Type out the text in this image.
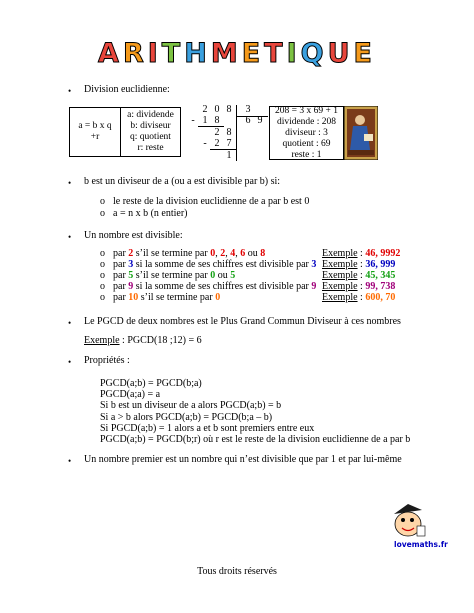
ARITHMETIQUE
• Division euclidienne:
a = b x q
+r
a: dividende
b: diviseur
q: quotient
r: reste
2 0 8 3
- 1 8	6 9
2 8
- 2 7
1
208 = 3 x 69 + 1
dividende : 208
diviseur : 3
quotient : 69
reste : 1
• b est un diviseur de a (ou a est divisible par b) si:
o le reste de la division euclidienne de a par b est 0
o a = n x b (n entier)
• Un nombre est divisible:
o par 2 s’il se termine par 0, 2, 4, 6 ou 8	Exemple : 46, 9992
o par 3 si la somme de ses chiffres est divisible par 3 Exemple : 36, 999
o par 5 s’il se termine par 0 ou 5	Exemple : 45, 345
o par 9 si la somme de ses chiffres est divisible par 9 Exemple : 99, 738
o par 10 s’il se termine par 0	Exemple : 600, 70
• Le PGCD de deux nombres est le Plus Grand Commun Diviseur à ces nombres
Exemple : PGCD(18 ;12) = 6
• Propriétés :
PGCD(a;b) = PGCD(b;a)
PGCD(a;a) = a
Si b est un diviseur de a alors PGCD(a;b) = b
Si a > b alors PGCD(a;b) = PGCD(b;a – b)
Si PGCD(a;b) = 1 alors a et b sont premiers entre eux
PGCD(a;b) = PGCD(b;r) où r est le reste de la division euclidienne de a par b
• Un nombre premier est un nombre qui n’est divisible que par 1 et par lui-même
lovemaths.fr
Tous droits réservés
